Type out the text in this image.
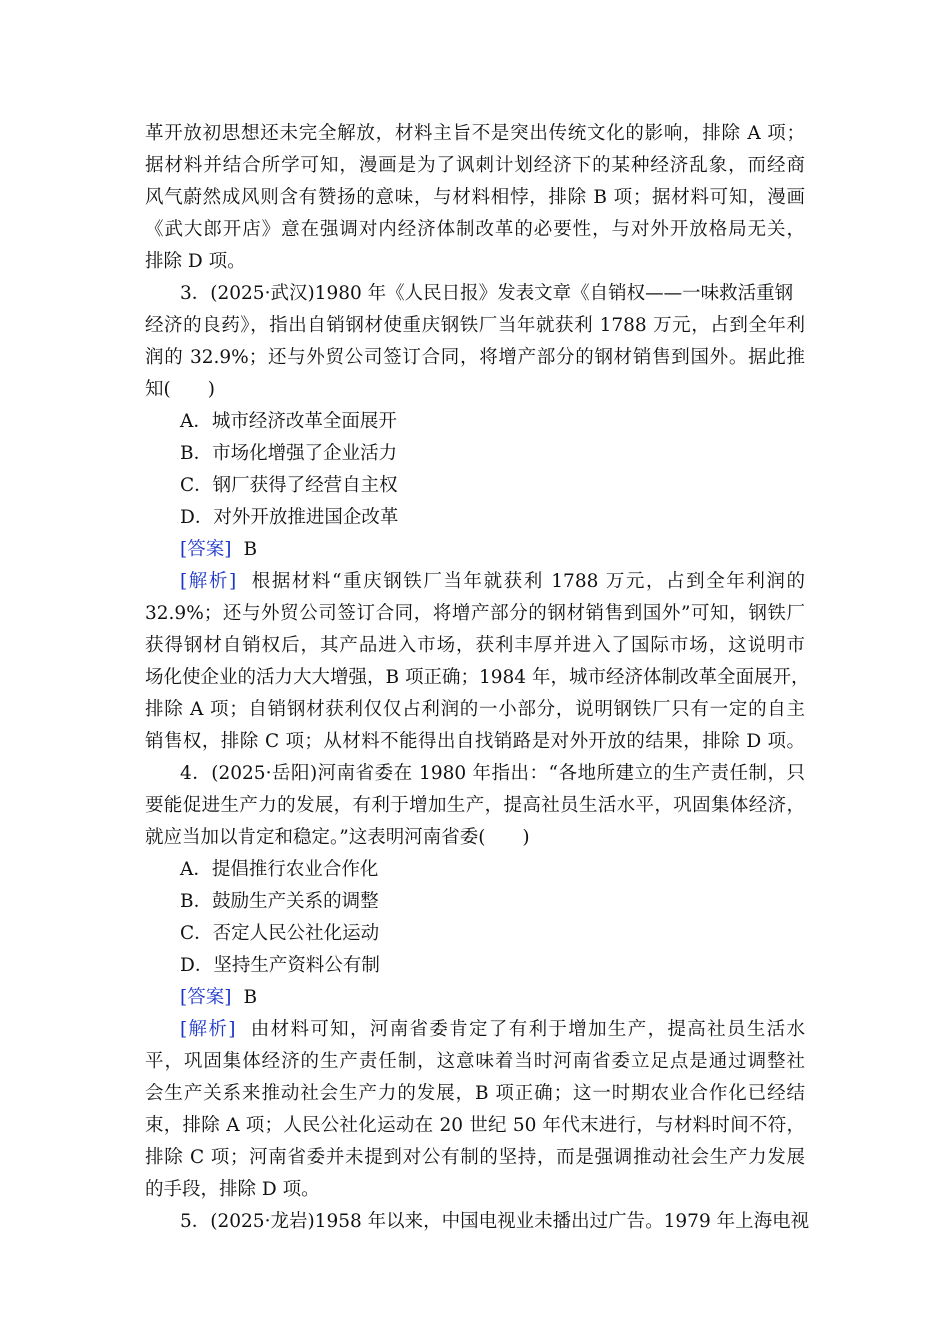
革开放初思想还未完全解放，材料主旨不是突出传统文化的影响，排除 A 项；
据材料并结合所学可知，漫画是为了讽刺计划经济下的某种经济乱象，而经商
风气蔚然成风则含有赞扬的意味，与材料相悖，排除 B 项；据材料可知，漫画
《武大郎开店》意在强调对内经济体制改革的必要性，与对外开放格局无关，
排除 D 项。
3．(2025·武汉)1980 年《人民日报》发表文章《自销权——一味救活重钢
经济的良药》，指出自销钢材使重庆钢铁厂当年就获利 1788 万元，占到全年利
润的 32.9%；还与外贸公司签订合同，将增产部分的钢材销售到国外。据此推
知(　　)
A．城市经济改革全面展开
B．市场化增强了企业活力
C．钢厂获得了经营自主权
D．对外开放推进国企改革
[答案] B
[解析] 根据材料“重庆钢铁厂当年就获利 1788 万元，占到全年利润的
32.9%；还与外贸公司签订合同，将增产部分的钢材销售到国外”可知，钢铁厂
获得钢材自销权后，其产品进入市场，获利丰厚并进入了国际市场，这说明市
场化使企业的活力大大增强，B 项正确；1984 年，城市经济体制改革全面展开，
排除 A 项；自销钢材获利仅仅占利润的一小部分，说明钢铁厂只有一定的自主
销售权，排除 C 项；从材料不能得出自找销路是对外开放的结果，排除 D 项。
4．(2025·岳阳)河南省委在 1980 年指出：“各地所建立的生产责任制，只
要能促进生产力的发展，有利于增加生产，提高社员生活水平，巩固集体经济，
就应当加以肯定和稳定。”这表明河南省委(　　)
A．提倡推行农业合作化
B．鼓励生产关系的调整
C．否定人民公社化运动
D．坚持生产资料公有制
[答案] B
[解析] 由材料可知，河南省委肯定了有利于增加生产，提高社员生活水
平，巩固集体经济的生产责任制，这意味着当时河南省委立足点是通过调整社
会生产关系来推动社会生产力的发展，B 项正确；这一时期农业合作化已经结
束，排除 A 项；人民公社化运动在 20 世纪 50 年代末进行，与材料时间不符，
排除 C 项；河南省委并未提到对公有制的坚持，而是强调推动社会生产力发展
的手段，排除 D 项。
5．(2025·龙岩)1958 年以来，中国电视业未播出过广告。1979 年上海电视
